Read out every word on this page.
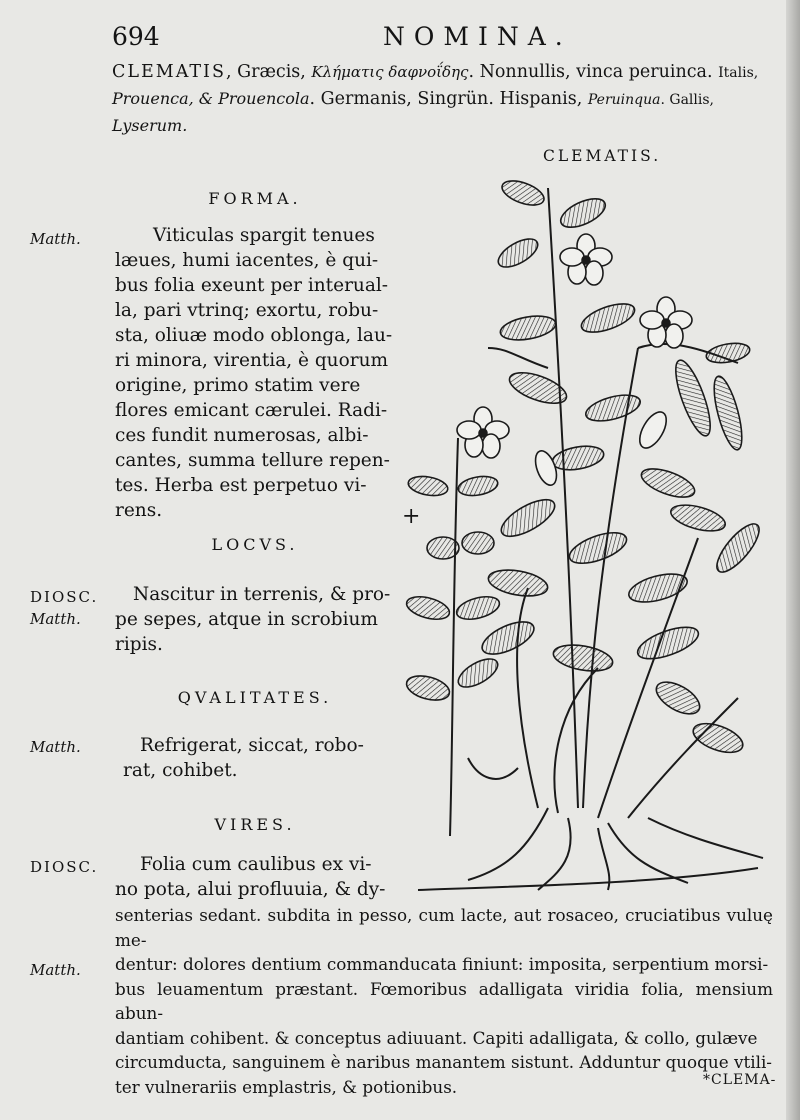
694	NOMINA.
CLEMATIS, Græcis, Κλήματις δαφνοΐδης. Nonnullis, vinca peruinca. Italis,
Prouenca, & Prouencola. Germanis, Singrün. Hispanis, Peruinqua. Gallis,
Lyserum.
CLEMATIS.
FORMA.
Matth.	Viticulas spargit tenues
læues, humi iacentes, è qui-
bus folia exeunt per interual-
la, pari vtrinq; exortu, robu-
sta, oliuæ modo oblonga, lau-
ri minora, virentia, è quorum
origine, primo statim vere
flores emicant cærulei. Radi-
ces fundit numerosas, albi-
cantes, summa tellure repen-
tes. Herba est perpetuo vi-
rens.
LOCVS.
DIOSC.
Matth.
Nascitur in terrenis, & pro-
pe sepes, atque in scrobium
ripis.
QVALITATES.
Matth.	Refrigerat, siccat, robo-
rat, cohibet.
VIRES.
DIOSC.
Matth.
Folia cum caulibus ex vi-
no pota, alui profluuia, & dy-
senterias sedant. subdita in pesso, cum lacte, aut rosaceo, cruciatibus vuluę me-
dentur: dolores dentium commanducata finiunt: imposita, serpentium morsi-
bus leuamentum præstant. Fœmoribus adalligata viridia folia, mensium abun-
dantiam cohibent. & conceptus adiuuant. Capiti adalligata, & collo, gulæve
circumducta, sanguinem è naribus manantem sistunt. Adduntur quoque vtili-
ter vulnerariis emplastris, & potionibus.
+
*CLEMA-
